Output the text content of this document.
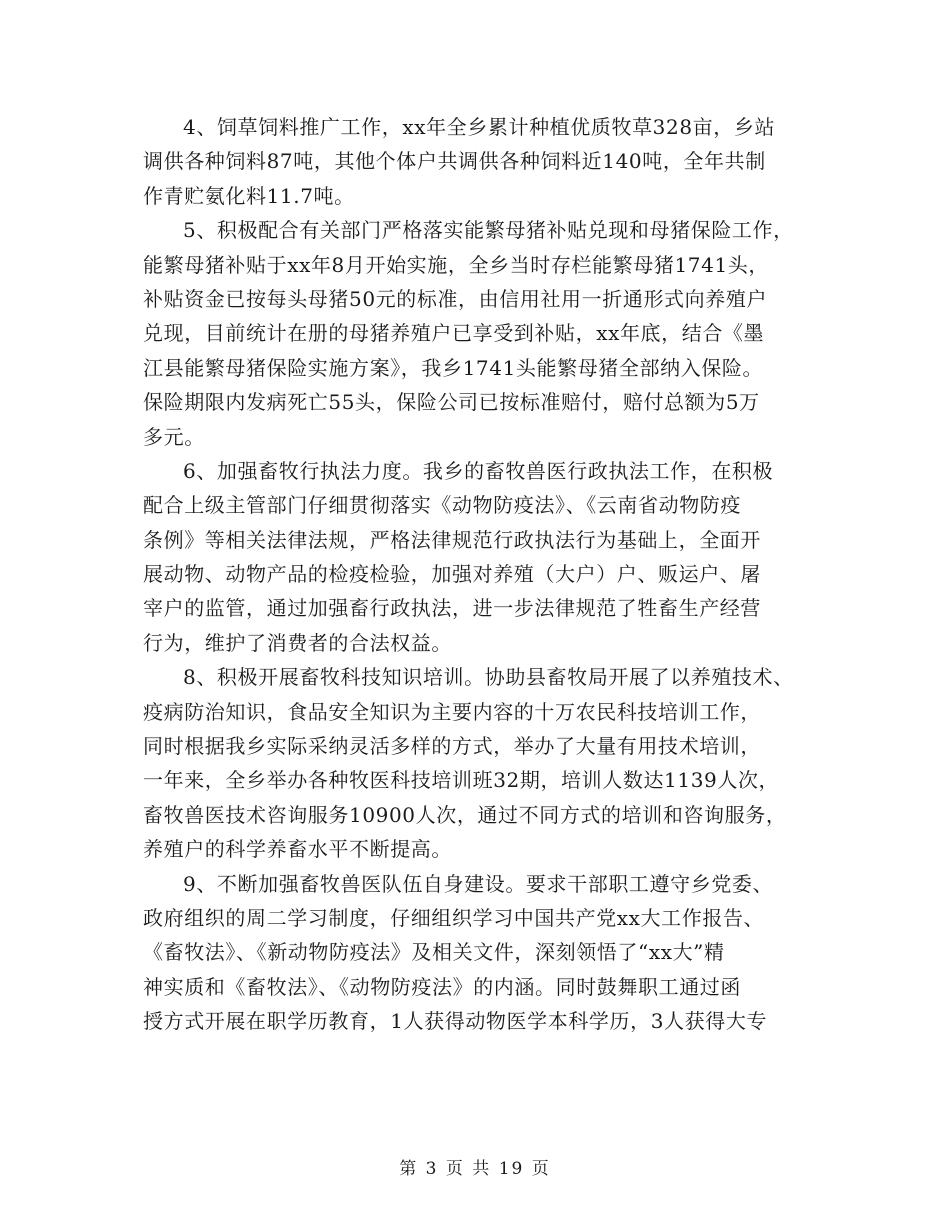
4、饲草饲料推广工作，xx年全乡累计种植优质牧草328亩，乡站
调供各种饲料87吨，其他个体户共调供各种饲料近140吨，全年共制
作青贮氨化料11.7吨。
5、积极配合有关部门严格落实能繁母猪补贴兑现和母猪保险工作，
能繁母猪补贴于xx年8月开始实施，全乡当时存栏能繁母猪1741头，
补贴资金已按每头母猪50元的标准，由信用社用一折通形式向养殖户
兑现，目前统计在册的母猪养殖户已享受到补贴，xx年底，结合《墨
江县能繁母猪保险实施方案》，我乡1741头能繁母猪全部纳入保险。
保险期限内发病死亡55头，保险公司已按标准赔付，赔付总额为5万
多元。
6、加强畜牧行执法力度。我乡的畜牧兽医行政执法工作，在积极
配合上级主管部门仔细贯彻落实《动物防疫法》、《云南省动物防疫
条例》等相关法律法规，严格法律规范行政执法行为基础上，全面开
展动物、动物产品的检疫检验，加强对养殖（大户）户、贩运户、屠
宰户的监管，通过加强畜行政执法，进一步法律规范了牲畜生产经营
行为，维护了消费者的合法权益。
8、积极开展畜牧科技知识培训。协助县畜牧局开展了以养殖技术、
疫病防治知识，食品安全知识为主要内容的十万农民科技培训工作，
同时根据我乡实际采纳灵活多样的方式，举办了大量有用技术培训，
一年来，全乡举办各种牧医科技培训班32期，培训人数达1139人次，
畜牧兽医技术咨询服务10900人次，通过不同方式的培训和咨询服务，
养殖户的科学养畜水平不断提高。
9、不断加强畜牧兽医队伍自身建设。要求干部职工遵守乡党委、
政府组织的周二学习制度，仔细组织学习中国共产党xx大工作报告、
《畜牧法》、《新动物防疫法》及相关文件，深刻领悟了“xx大”精
神实质和《畜牧法》、《动物防疫法》的内涵。同时鼓舞职工通过函
授方式开展在职学历教育，1人获得动物医学本科学历，3人获得大专
第 3 页 共 19 页
